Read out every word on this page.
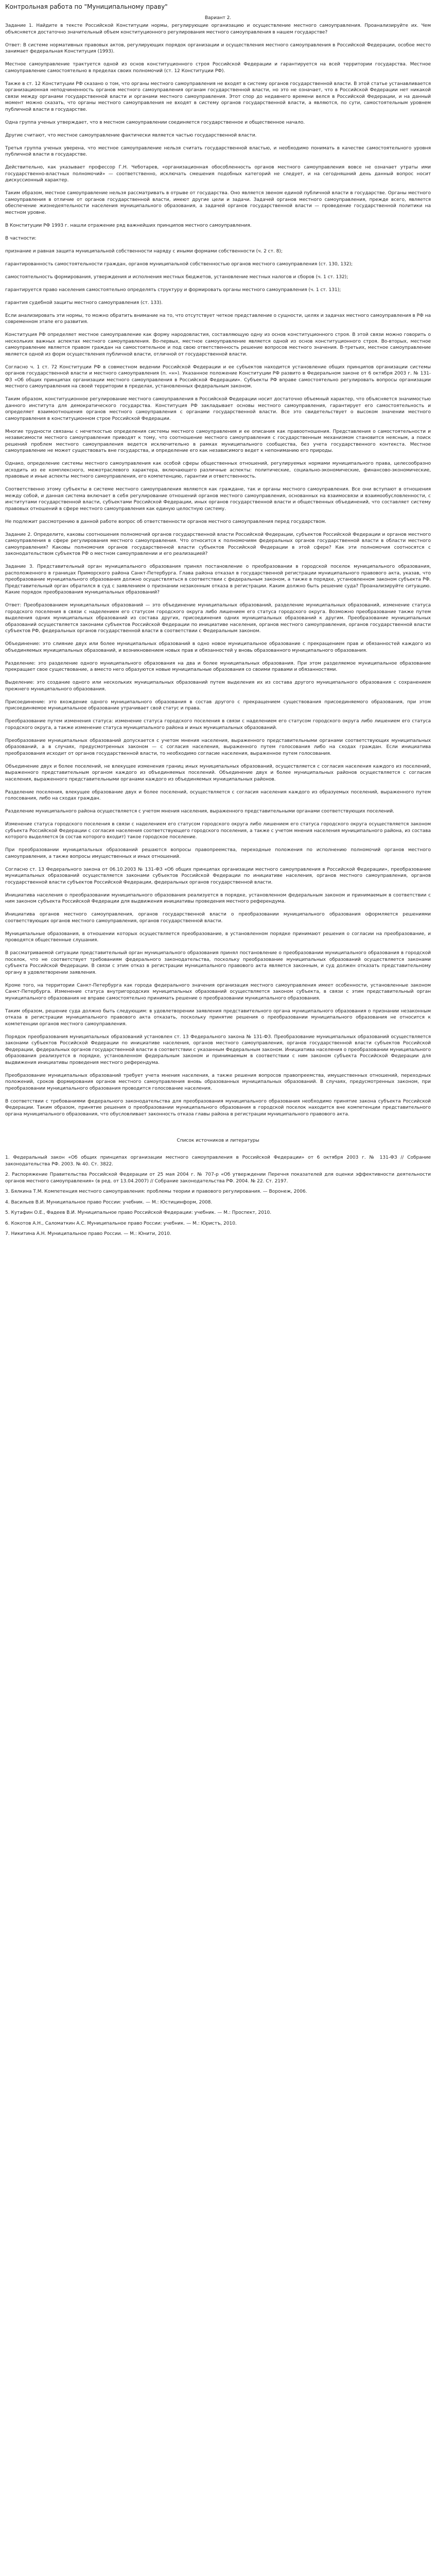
Контрольная работа по "Муниципальному праву"
Вариант 2.

Задание 1. Найдите в тексте Российской Конституции нормы, регулирующие организацию и осуществление местного самоуправления. Проанализируйте их. Чем объясняется достаточно значительный объем конституционного регулирования местного самоуправления в нашем государстве?

Ответ: В системе нормативных правовых актов, регулирующих порядок организации и осуществления местного самоуправления в Российской Федерации, особое место занимает федеральная Конституция (1993).

Местное самоуправление трактуется одной из основ конституционного строя Российской Федерации и гарантируется на всей территории государства. Местное самоуправление самостоятельно в пределах своих полномочий (ст. 12 Конституции РФ).

Также в ст. 12 Конституции РФ сказано о том, что органы местного самоуправления не входят в систему органов государственной власти. В этой статье устанавливается организационная неподчиненность органов местного самоуправления органам государственной власти, но это не означает, что в Российской Федерации нет никакой связи между органами государственной власти и органами местного самоуправления. Этот спор до недавнего времени велся в Российской Федерации, и на данный момент можно сказать, что органы местного самоуправления не входят в систему органов государственной власти, а являются, по сути, самостоятельным уровнем публичной власти в государстве.

Одна группа ученых утверждает, что в местном самоуправлении соединяется государственное и общественное начало.

Другие считают, что местное самоуправление фактически является частью государственной власти.

Третья группа ученых уверена, что местное самоуправление нельзя считать государственной властью, и необходимо понимать в качестве самостоятельного уровня публичной власти в государстве.

Действительно, как указывает профессор Г.Н. Чеботарев, «организационная обособленность органов местного самоуправления вовсе не означает утраты ими государственно-властных полномочий» — соответственно, исключать смешения подобных категорий не следует, и на сегодняшний день данный вопрос носит дискуссионный характер.

Таким образом, местное самоуправление нельзя рассматривать в отрыве от государства. Оно является звеном единой публичной власти в государстве. Органы местного самоуправления в отличие от органов государственной власти, имеют другие цели и задачи. Задачей органов местного самоуправления, прежде всего, является обеспечение жизнедеятельности населения муниципального образования, а задачей органов государственной власти — проведение государственной политики на местном уровне.

В Конституции РФ 1993 г. нашли отражение ряд важнейших принципов местного самоуправления.

В частности:

признание и равная защита муниципальной собственности наряду с иными формами собственности (ч. 2 ст. 8);

гарантированность самостоятельности граждан, органов муниципальной собственностью органов местного самоуправления (ст. 130, 132);

самостоятельность формирования, утверждения и исполнения местных бюджетов, установление местных налогов и сборов (ч. 1 ст. 132);

гарантируется право населения самостоятельно определять структуру и формировать органы местного самоуправления (ч. 1 ст. 131);

гарантия судебной защиты местного самоуправления (ст. 133).

Если анализировать эти нормы, то можно обратить внимание на то, что отсутствует четкое представление о сущности, целях и задачах местного самоуправления в РФ на современном этапе его развития.

Конституция РФ определяет местное самоуправление как форму народовластия, составляющую одну из основ конституционного строя. В этой связи можно говорить о нескольких важных аспектах местного самоуправления. Во-первых, местное самоуправление является одной из основ конституционного строя. Во-вторых, местное самоуправление является правом граждан на самостоятельное и под свою ответственность решение вопросов местного значения. В-третьих, местное самоуправление является одной из форм осуществления публичной власти, отличной от государственной власти.

Согласно ч. 1 ст. 72 Конституции РФ в совместном ведении Российской Федерации и ее субъектов находится установление общих принципов организации системы органов государственной власти и местного самоуправления (п. «н»). Указанное положение Конституции РФ развито в Федеральном законе от 6 октября 2003 г. № 131-ФЗ «Об общих принципах организации местного самоуправления в Российской Федерации». Субъекты РФ вправе самостоятельно регулировать вопросы организации местного самоуправления на своей территории в пределах, установленных федеральным законом.

Таким образом, конституционное регулирование местного самоуправления в Российской Федерации носит достаточно объемный характер, что объясняется значимостью данного института для демократического государства. Конституция РФ закладывает основы местного самоуправления, гарантирует его самостоятельность и определяет взаимоотношения органов местного самоуправления с органами государственной власти. Все это свидетельствует о высоком значении местного самоуправления в конституционном строе Российской Федерации.

Многие трудности связаны с нечеткостью определения системы местного самоуправления и ее описания как правоотношения. Представления о самостоятельности и независимости местного самоуправления приводят к тому, что соотношение местного самоуправления с государственным механизмом становится неясным, а поиск решений проблем местного самоуправления ведется исключительно в рамках муниципального сообщества, без учета государственного контекста. Местное самоуправление не может существовать вне государства, и определение его как независимого ведет к непониманию его природы.

Однако, определение системы местного самоуправления как особой сферы общественных отношений, регулируемых нормами муниципального права, целесообразно исходить из ее комплексного, межотраслевого характера, включающего различные аспекты: политические, социально-экономические, финансово-экономические, правовые и иные аспекты местного самоуправления, его компетенцию, гарантии и ответственность.

Соответственно этому субъекты в системе местного самоуправления являются как граждане, так и органы местного самоуправления. Все они вступают в отношения между собой, и данная система включает в себя регулирование отношений органов местного самоуправления, основанных на взаимосвязи и взаимообусловленности, с институтами государственной власти, субъектами Российской Федерации, иных органов государственной власти и общественных объединений, что составляет систему правовых отношений в сфере местного самоуправления как единую целостную систему.

Не подлежит рассмотрению в данной работе вопрос об ответственности органов местного самоуправления перед государством.

Задание 2. Определите, каковы соотношения полномочий органов государственной власти Российской Федерации, субъектов Российской Федерации и органов местного самоуправления в сфере регулирования местного самоуправления. Что относится к полномочиям федеральных органов государственной власти в области местного самоуправления? Каковы полномочия органов государственной власти субъектов Российской Федерации в этой сфере? Как эти полномочия соотносятся с законодательством субъектов РФ о местном самоуправлении и его реализацией?

Задание 3. Представительный орган муниципального образования принял постановление о преобразовании в городской поселок муниципального образования, расположенного в границах Приморского района Санкт-Петербурга. Глава района отказал в государственной регистрации муниципального правового акта, указав, что преобразование муниципального образования должно осуществляться в соответствии с федеральным законом, а также в порядке, установленном законом субъекта РФ. Представительный орган обратился в суд с заявлением о признании незаконным отказа в регистрации. Каким должно быть решение суда? Проанализируйте ситуацию. Какие порядок преобразования муниципальных образований?

Ответ: Преобразованием муниципальных образований — это объединение муниципальных образований, разделение муниципальных образований, изменение статуса городского поселения в связи с наделением его статусом городского округа либо лишением его статуса городского округа. Возможно преобразование также путем выделения одних муниципальных образований из состава других, присоединения одних муниципальных образований к другим. Преобразование муниципальных образований осуществляется законами субъектов Российской Федерации по инициативе населения, органов местного самоуправления, органов государственной власти субъектов РФ, федеральных органов государственной власти в соответствии с Федеральным законом.

Объединение: это слияние двух или более муниципальных образований в одно новое муниципальное образование с прекращением прав и обязанностей каждого из объединяемых муниципальных образований, и возникновением новых прав и обязанностей у вновь образованного муниципального образования.

Разделение: это разделение одного муниципального образования на два и более муниципальных образования. При этом разделяемое муниципальное образование прекращает свое существование, а вместо него образуются новые муниципальные образования со своими правами и обязанностями.

Выделение: это создание одного или нескольких муниципальных образований путем выделения их из состава другого муниципального образования с сохранением прежнего муниципального образования.

Присоединение: это вхождение одного муниципального образования в состав другого с прекращением существования присоединяемого образования, при этом присоединяемое муниципальное образование утрачивает свой статус и права.

Преобразование путем изменения статуса: изменение статуса городского поселения в связи с наделением его статусом городского округа либо лишением его статуса городского округа, а также изменение статуса муниципального района и иных муниципальных образований.

Преобразование муниципальных образований допускается с учетом мнения населения, выраженного представительными органами соответствующих муниципальных образований, а в случаях, предусмотренных законом — с согласия населения, выраженного путем голосования либо на сходах граждан. Если инициатива преобразования исходит от органов государственной власти, то необходимо согласие населения, выраженное путем голосования.

Объединение двух и более поселений, не влекущее изменения границ иных муниципальных образований, осуществляется с согласия населения каждого из поселений, выраженного представительным органом каждого из объединяемых поселений. Объединение двух и более муниципальных районов осуществляется с согласия населения, выраженного представительными органами каждого из объединяемых муниципальных районов.

Разделение поселения, влекущее образование двух и более поселений, осуществляется с согласия населения каждого из образуемых поселений, выраженного путем голосования, либо на сходах граждан.

Разделение муниципального района осуществляется с учетом мнения населения, выраженного представительными органами соответствующих поселений.

Изменение статуса городского поселения в связи с наделением его статусом городского округа либо лишением его статуса городского округа осуществляется законом субъекта Российской Федерации с согласия населения соответствующего городского поселения, а также с учетом мнения населения муниципального района, из состава которого выделяется (в состав которого входит) такое городское поселение.

При преобразовании муниципальных образований решаются вопросы правопреемства, переходные положения по исполнению полномочий органов местного самоуправления, а также вопросы имущественных и иных отношений.

Согласно ст. 13 Федерального закона от 06.10.2003 № 131-ФЗ «Об общих принципах организации местного самоуправления в Российской Федерации», преобразование муниципальных образований осуществляется законами субъектов Российской Федерации по инициативе населения, органов местного самоуправления, органов государственной власти субъектов Российской Федерации, федеральных органов государственной власти.

Инициатива населения о преобразовании муниципального образования реализуется в порядке, установленном федеральным законом и принимаемым в соответствии с ним законом субъекта Российской Федерации для выдвижения инициативы проведения местного референдума.

Инициатива органов местного самоуправления, органов государственной власти о преобразовании муниципального образования оформляется решениями соответствующих органов местного самоуправления, органов государственной власти.

Муниципальные образования, в отношении которых осуществляется преобразование, в установленном порядке принимают решения о согласии на преобразование, и проводятся общественные слушания.

В рассматриваемой ситуации представительный орган муниципального образования принял постановление о преобразовании муниципального образования в городской поселок, что не соответствует требованиям федерального законодательства, поскольку преобразование муниципальных образований осуществляется законами субъекта Российской Федерации. В связи с этим отказ в регистрации муниципального правового акта является законным, и суд должен отказать представительному органу в удовлетворении заявления.

Кроме того, на территории Санкт-Петербурга как города федерального значения организация местного самоуправления имеет особенности, установленные законом Санкт-Петербурга. Изменение статуса внутригородских муниципальных образований осуществляется законом субъекта, в связи с этим представительный орган муниципального образования не вправе самостоятельно принимать решение о преобразовании муниципального образования.

Таким образом, решение суда должно быть следующим: в удовлетворении заявления представительного органа муниципального образования о признании незаконным отказа в регистрации муниципального правового акта отказать, поскольку принятие решения о преобразовании муниципального образования не относится к компетенции органов местного самоуправления.

Порядок преобразования муниципальных образований установлен ст. 13 Федерального закона № 131-ФЗ. Преобразование муниципальных образований осуществляется законами субъектов Российской Федерации по инициативе населения, органов местного самоуправления, органов государственной власти субъектов Российской Федерации, федеральных органов государственной власти в соответствии с указанным Федеральным законом. Инициатива населения о преобразовании муниципального образования реализуется в порядке, установленном федеральным законом и принимаемым в соответствии с ним законом субъекта Российской Федерации для выдвижения инициативы проведения местного референдума.

Преобразование муниципальных образований требует учета мнения населения, а также решения вопросов правопреемства, имущественных отношений, переходных положений, сроков формирования органов местного самоуправления вновь образованных муниципальных образований. В случаях, предусмотренных законом, при преобразовании муниципального образования проводится голосование населения.

В соответствии с требованиями федерального законодательства для преобразования муниципального образования необходимо принятие закона субъекта Российской Федерации. Таким образом, принятие решения о преобразовании муниципального образования в городской поселок находится вне компетенции представительного органа муниципального образования, что обусловливает законность отказа главы района в регистрации муниципального правового акта.

Список источников и литературы

1. Федеральный закон «Об общих принципах организации местного самоуправления в Российской Федерации» от 6 октября 2003 г. № 131-ФЗ // Собрание законодательства РФ. 2003. № 40. Ст. 3822.

2. Распоряжение Правительства Российской Федерации от 25 мая 2004 г. № 707-р «Об утверждении Перечня показателей для оценки эффективности деятельности органов местного самоуправления» (в ред. от 13.04.2007) // Собрание законодательства РФ. 2004. № 22. Ст. 2197.

3. Бялкина Т.М. Компетенция местного самоуправления: проблемы теории и правового регулирования. — Воронеж, 2006.

4. Васильев В.И. Муниципальное право России: учебник. — М.: Юстицинформ, 2008.

5. Кутафин О.Е., Фадеев В.И. Муниципальное право Российской Федерации: учебник. — М.: Проспект, 2010.

6. Кокотов А.Н., Саломаткин А.С. Муниципальное право России: учебник. — М.: Юристъ, 2010.

7. Никитина А.Н. Муниципальное право России. — М.: Юнити, 2010.
